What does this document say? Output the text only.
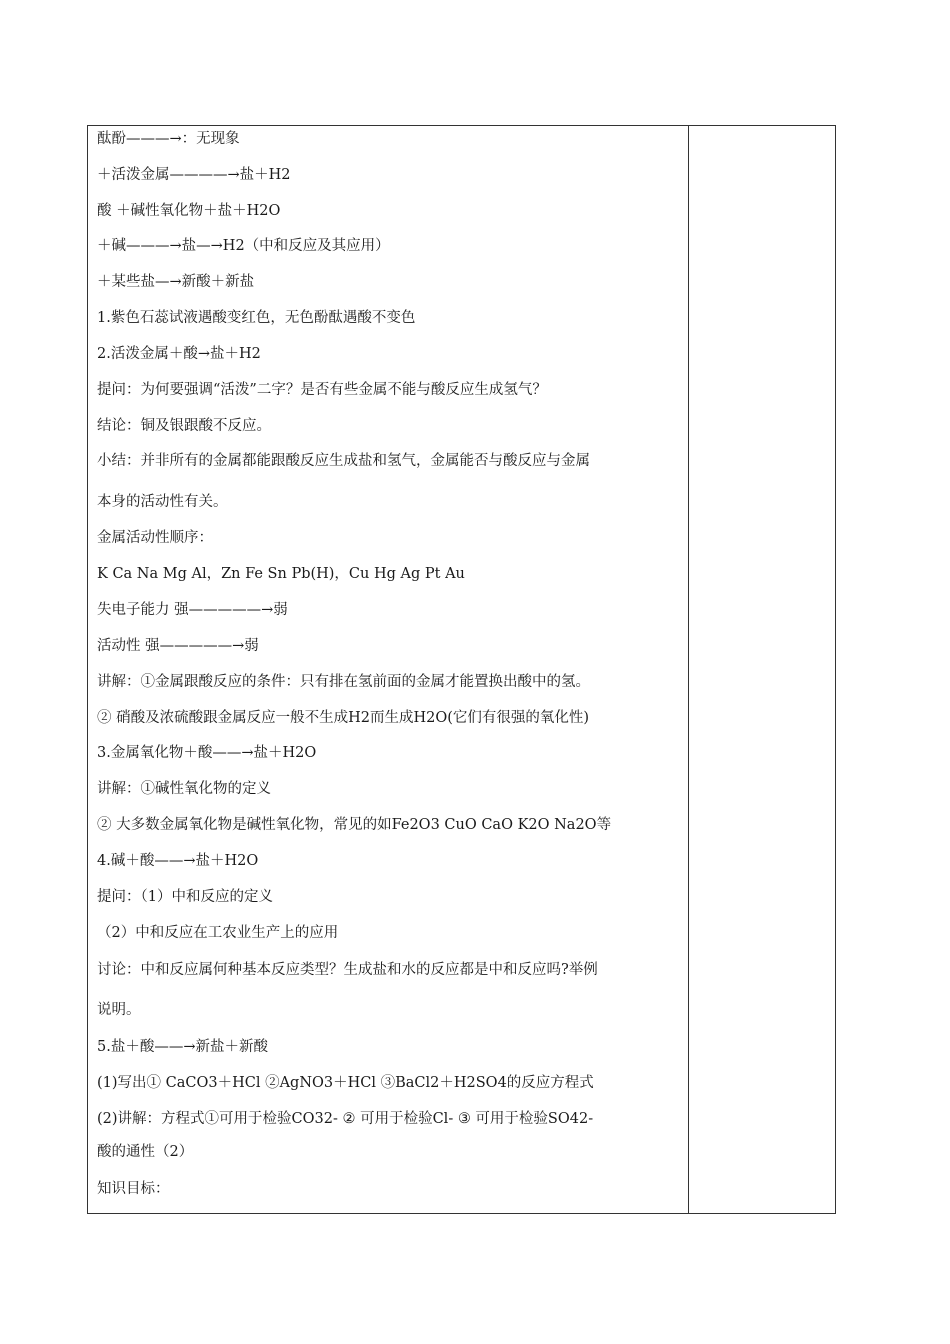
酞酚———→：无现象
＋活泼金属————→盐＋H2
酸 ＋碱性氧化物＋盐＋H2O
＋碱———→盐—→H2（中和反应及其应用）
＋某些盐—→新酸＋新盐
1.紫色石蕊试液遇酸变红色，无色酚酞遇酸不变色
2.活泼金属＋酸→盐＋H2
提问：为何要强调“活泼”二字？是否有些金属不能与酸反应生成氢气？
结论：铜及银跟酸不反应。
小结：并非所有的金属都能跟酸反应生成盐和氢气，金属能否与酸反应与金属
本身的活动性有关。
金属活动性顺序：
K Ca Na Mg Al，Zn Fe Sn Pb(H)，Cu Hg Ag Pt Au
失电子能力 强—————→弱
活动性 强—————→弱
讲解：①金属跟酸反应的条件：只有排在氢前面的金属才能置换出酸中的氢。
② 硝酸及浓硫酸跟金属反应一般不生成H2而生成H2O(它们有很强的氧化性)
3.金属氧化物＋酸——→盐＋H2O
讲解：①碱性氧化物的定义
② 大多数金属氧化物是碱性氧化物，常见的如Fe2O3 CuO CaO K2O Na2O等
4.碱＋酸——→盐＋H2O
提问：（1）中和反应的定义
（2）中和反应在工农业生产上的应用
讨论：中和反应属何种基本反应类型？生成盐和水的反应都是中和反应吗?举例
说明。
5.盐＋酸——→新盐＋新酸
(1)写出① CaCO3＋HCl ②AgNO3＋HCl ③BaCl2＋H2SO4的反应方程式
(2)讲解：方程式①可用于检验CO32- ② 可用于检验Cl- ③ 可用于检验SO42-
酸的通性（2）
知识目标：
